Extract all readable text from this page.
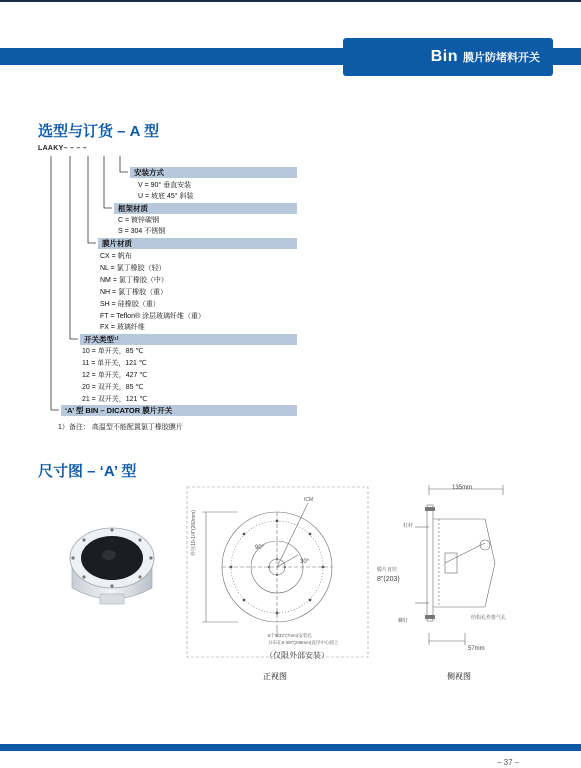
Bin 膜片防堵料开关
选型与订货 – A 型
LAAKY– – – –
安装方式
V = 90° 垂直安装
U = 坡底 45° 斜装
框架材质
C = 镀锌碳钢
S = 304 不锈钢
膜片材质
CX = 帆布
NL = 氯丁橡胶（轻）
NM = 氯丁橡胶（中）
NH = 氯丁橡胶（重）
SH = 硅橡胶（重）
FT = Teflon® 涂层玻璃纤维（重）
FX = 玻璃纤维
开关类型¹⁾
10 = 单开关，85 ℃
11 = 单开关，121 ℃
12 = 单开关，427 ℃
20 = 双开关，85 ℃
21 = 双开关，121 ℃
‘A’ 型 BIN – DICATOR 膜片开关
1）备注： 高温型不能配置氯丁橡胶膜片
尺寸图 – ‘A’ 型
ICM
外径10-1/4"(260mm)	90°
30°
8个9/32"(7mm)安装孔
分布在8-3/8"(238mm)直径中心圆上
（仅限外部安装）
135mm
杠杆
膜片直径
8"(203)
螺钉	结构孔作排气孔
57mm
正视图	侧视图
– 37 –
